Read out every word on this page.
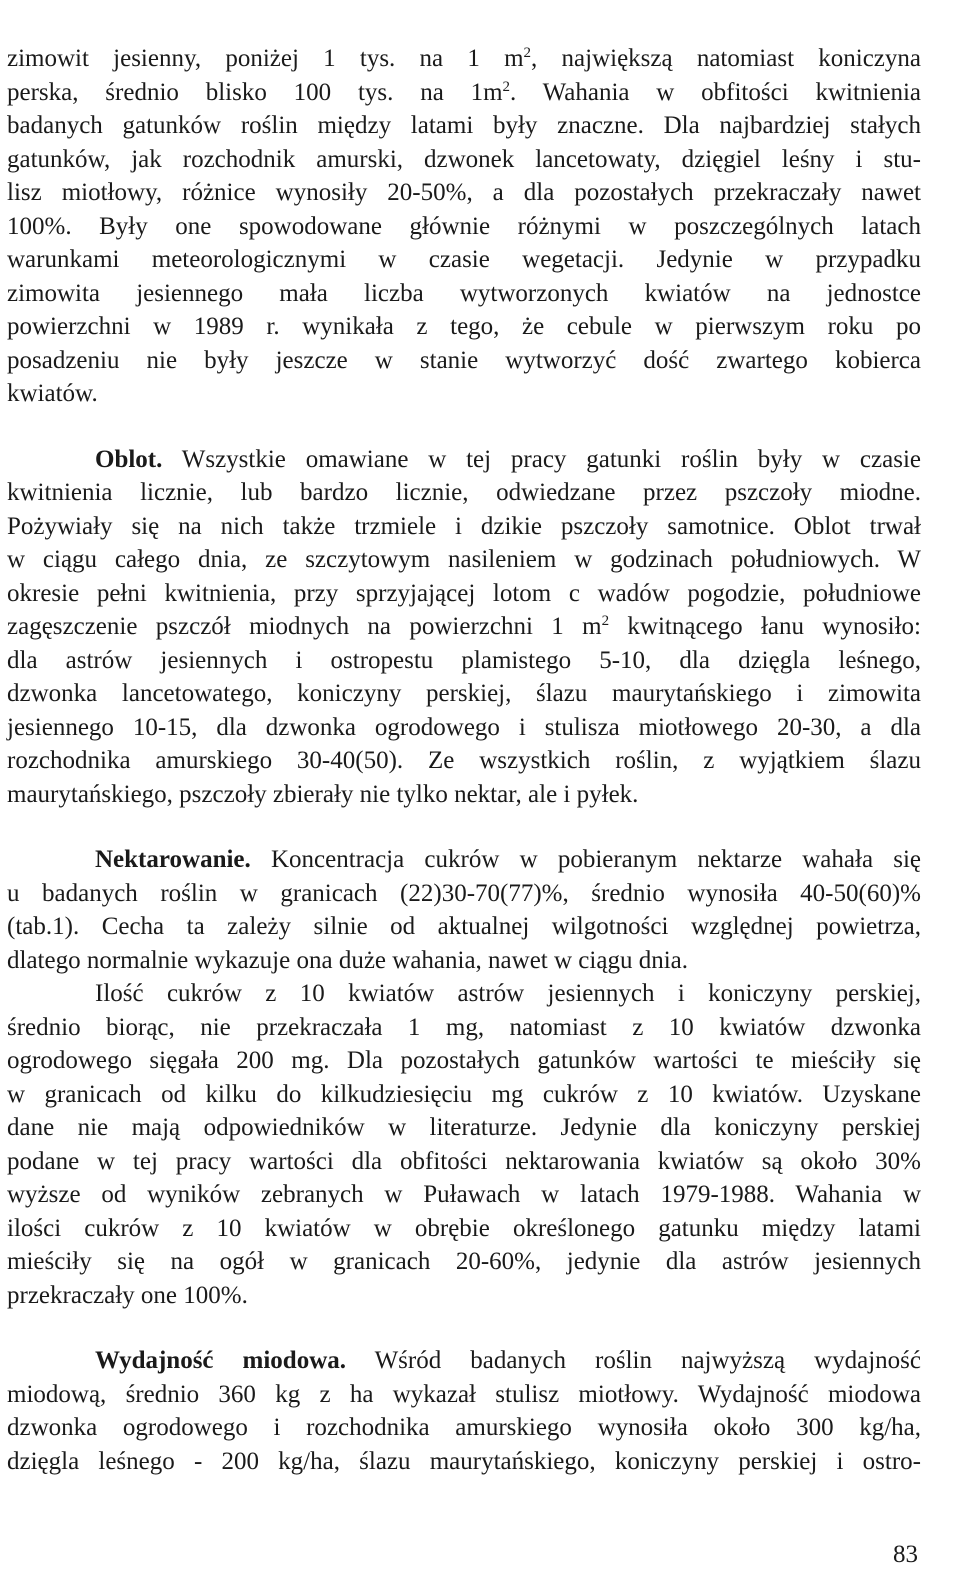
zimowit jesienny, poniżej 1 tys. na 1 $m^2$, największą natomiast koniczyna
perska, średnio blisko 100 tys. na $1m^2$. Wahania w obfitości kwitnienia
badanych gatunków roślin między latami były znaczne. Dla najbardziej stałych
gatunków, jak rozchodnik amurski, dzwonek lancetowaty, dzięgiel leśny i stu-
lisz miotłowy, różnice wynosiły 20-50%, a dla pozostałych przekraczały nawet
100%. Były one spowodowane głównie różnymi w poszczególnych latach
warunkami meteorologicznymi w czasie wegetacji. Jedynie w przypadku
zimowita jesiennego mała liczba wytworzonych kwiatów na jednostce
powierzchni w 1989 r. wynikała z tego, że cebule w pierwszym roku po
posadzeniu nie były jeszcze w stanie wytworzyć dość zwartego kobierca
kwiatów.
Oblot. Wszystkie omawiane w tej pracy gatunki roślin były w czasie
kwitnienia licznie, lub bardzo licznie, odwiedzane przez pszczoły miodne.
Pożywiały się na nich także trzmiele i dzikie pszczoły samotnice. Oblot trwał
w ciągu całego dnia, ze szczytowym nasileniem w godzinach południowych. W
okresie pełni kwitnienia, przy sprzyjającej lotom c wadów pogodzie, południowe
zagęszczenie pszczół miodnych na powierzchni 1 $m^2$ kwitnącego łanu wynosiło:
dla astrów jesiennych i ostropestu plamistego 5-10, dla dzięgla leśnego,
dzwonka lancetowatego, koniczyny perskiej, ślazu maurytańskiego i zimowita
jesiennego 10-15, dla dzwonka ogrodowego i stulisza miotłowego 20-30, a dla
rozchodnika amurskiego 30-40(50). Ze wszystkich roślin, z wyjątkiem ślazu
maurytańskiego, pszczoły zbierały nie tylko nektar, ale i pyłek.
Nektarowanie. Koncentracja cukrów w pobieranym nektarze wahała się
u badanych roślin w granicach (22)30-70(77)%, średnio wynosiła 40-50(60)%
(tab.1). Cecha ta zależy silnie od aktualnej wilgotności względnej powietrza,
dlatego normalnie wykazuje ona duże wahania, nawet w ciągu dnia.
Ilość cukrów z 10 kwiatów astrów jesiennych i koniczyny perskiej,
średnio biorąc, nie przekraczała 1 mg, natomiast z 10 kwiatów dzwonka
ogrodowego sięgała 200 mg. Dla pozostałych gatunków wartości te mieściły się
w granicach od kilku do kilkudziesięciu mg cukrów z 10 kwiatów. Uzyskane
dane nie mają odpowiedników w literaturze. Jedynie dla koniczyny perskiej
podane w tej pracy wartości dla obfitości nektarowania kwiatów są około 30%
wyższe od wyników zebranych w Puławach w latach 1979-1988. Wahania w
ilości cukrów z 10 kwiatów w obrębie określonego gatunku między latami
mieściły się na ogół w granicach 20-60%, jedynie dla astrów jesiennych
przekraczały one 100%.
Wydajność miodowa. Wśród badanych roślin najwyższą wydajność
miodową, średnio 360 kg z ha wykazał stulisz miotłowy. Wydajność miodowa
dzwonka ogrodowego i rozchodnika amurskiego wynosiła około 300 kg/ha,
dzięgla leśnego - 200 kg/ha, ślazu maurytańskiego, koniczyny perskiej i ostro-
83
